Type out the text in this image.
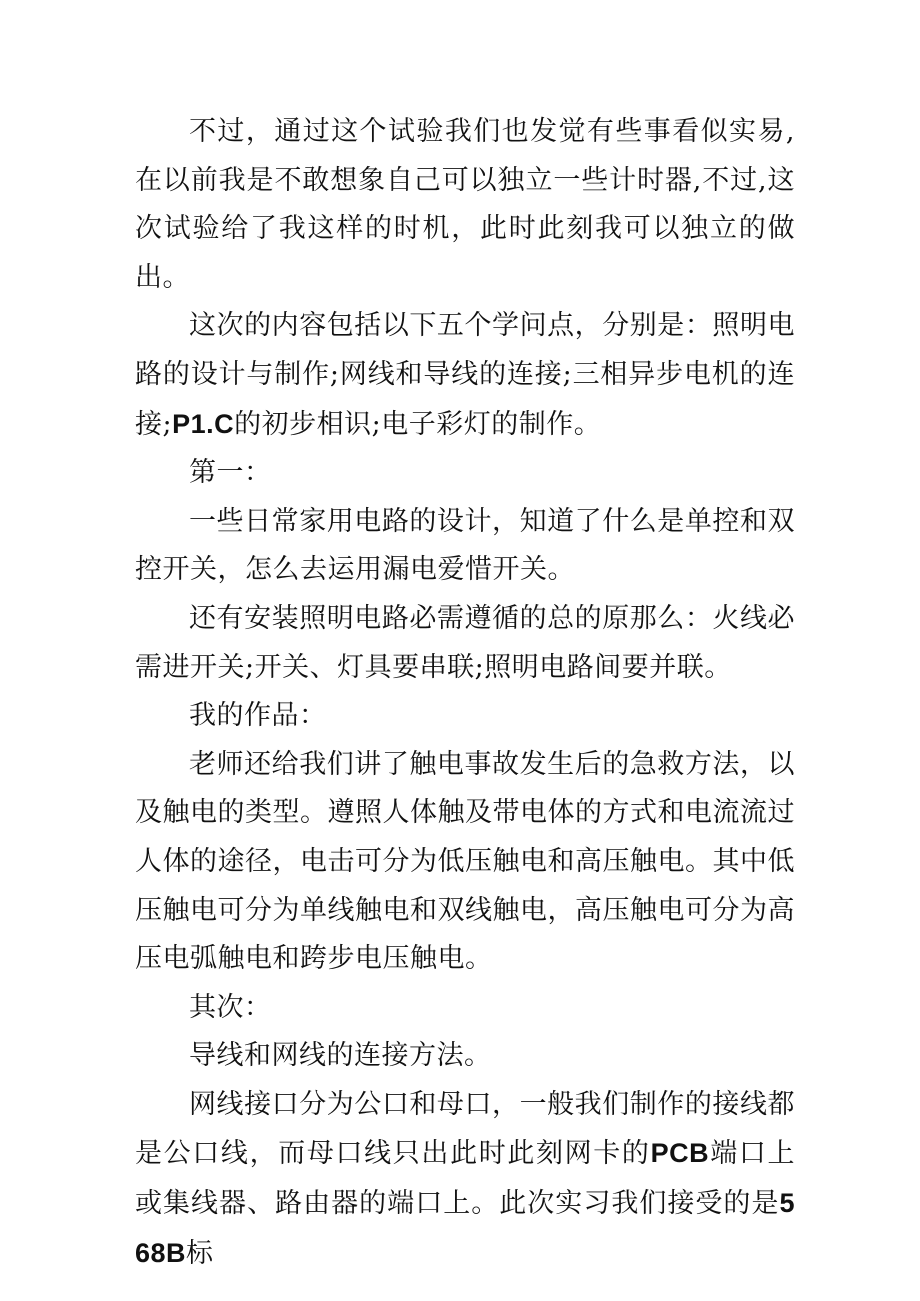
不过，通过这个试验我们也发觉有些事看似实易,在以前我是不敢想象自己可以独立一些计时器,不过,这次试验给了我这样的时机，此时此刻我可以独立的做出。

这次的内容包括以下五个学问点，分别是：照明电路的设计与制作;网线和导线的连接;三相异步电机的连接;P1.C的初步相识;电子彩灯的制作。

第一：

一些日常家用电路的设计，知道了什么是单控和双控开关，怎么去运用漏电爱惜开关。

还有安装照明电路必需遵循的总的原那么：火线必需进开关;开关、灯具要串联;照明电路间要并联。

我的作品：

老师还给我们讲了触电事故发生后的急救方法，以及触电的类型。遵照人体触及带电体的方式和电流流过人体的途径，电击可分为低压触电和高压触电。其中低压触电可分为单线触电和双线触电，高压触电可分为高压电弧触电和跨步电压触电。

其次：

导线和网线的连接方法。

网线接口分为公口和母口，一般我们制作的接线都是公口线，而母口线只出此时此刻网卡的PCB端口上或集线器、路由器的端口上。此次实习我们接受的是568B标
